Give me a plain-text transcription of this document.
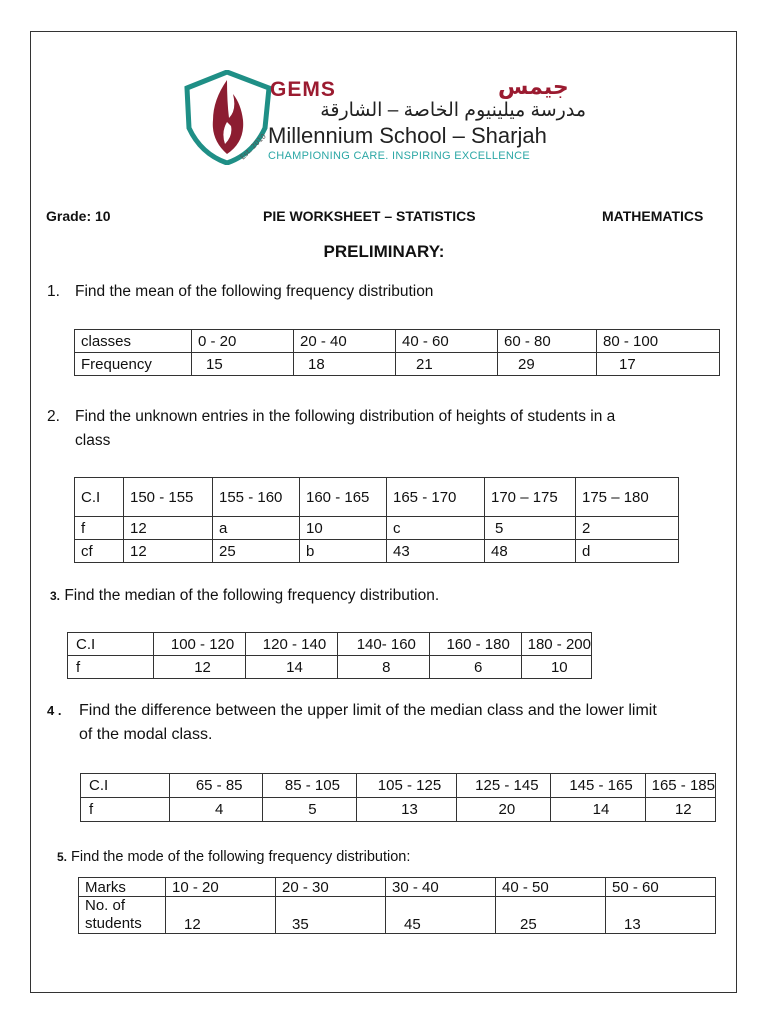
Est. 2010
GEMS	جيمس
مدرسة ميلينيوم الخاصة – الشارقة
Millennium School – Sharjah
CHAMPIONING CARE. INSPIRING EXCELLENCE
Grade: 10	PIE WORKSHEET – STATISTICS	MATHEMATICS
PRELIMINARY:
1. Find the mean of the following frequency distribution
classes	0 - 20	20 - 40	40 - 60	60 - 80	80 - 100
Frequency	15	18	21	29	17
2. Find the unknown entries in the following distribution of heights of students in a
class
C.I	150 - 155	155 - 160	160 - 165	165 - 170	170 – 175	175 – 180
f	12	a	10	c	5	2
cf	12	25	b	43	48	d
3. Find the median of the following frequency distribution.
C.I	100 - 120	120 - 140	140- 160	160 - 180	180 - 200
f	12	14	8	6	10
4 . Find the difference between the upper limit of the median class and the lower limit
of the modal class.
C.I	65 - 85	85 - 105	105 - 125	125 - 145	145 - 165	165 - 185
f	4	5	13	20	14	12
5. Find the mode of the following frequency distribution:
Marks	10 - 20	20 - 30	30 - 40	40 - 50	50 - 60
No. of
students	12	35	45	25	13
